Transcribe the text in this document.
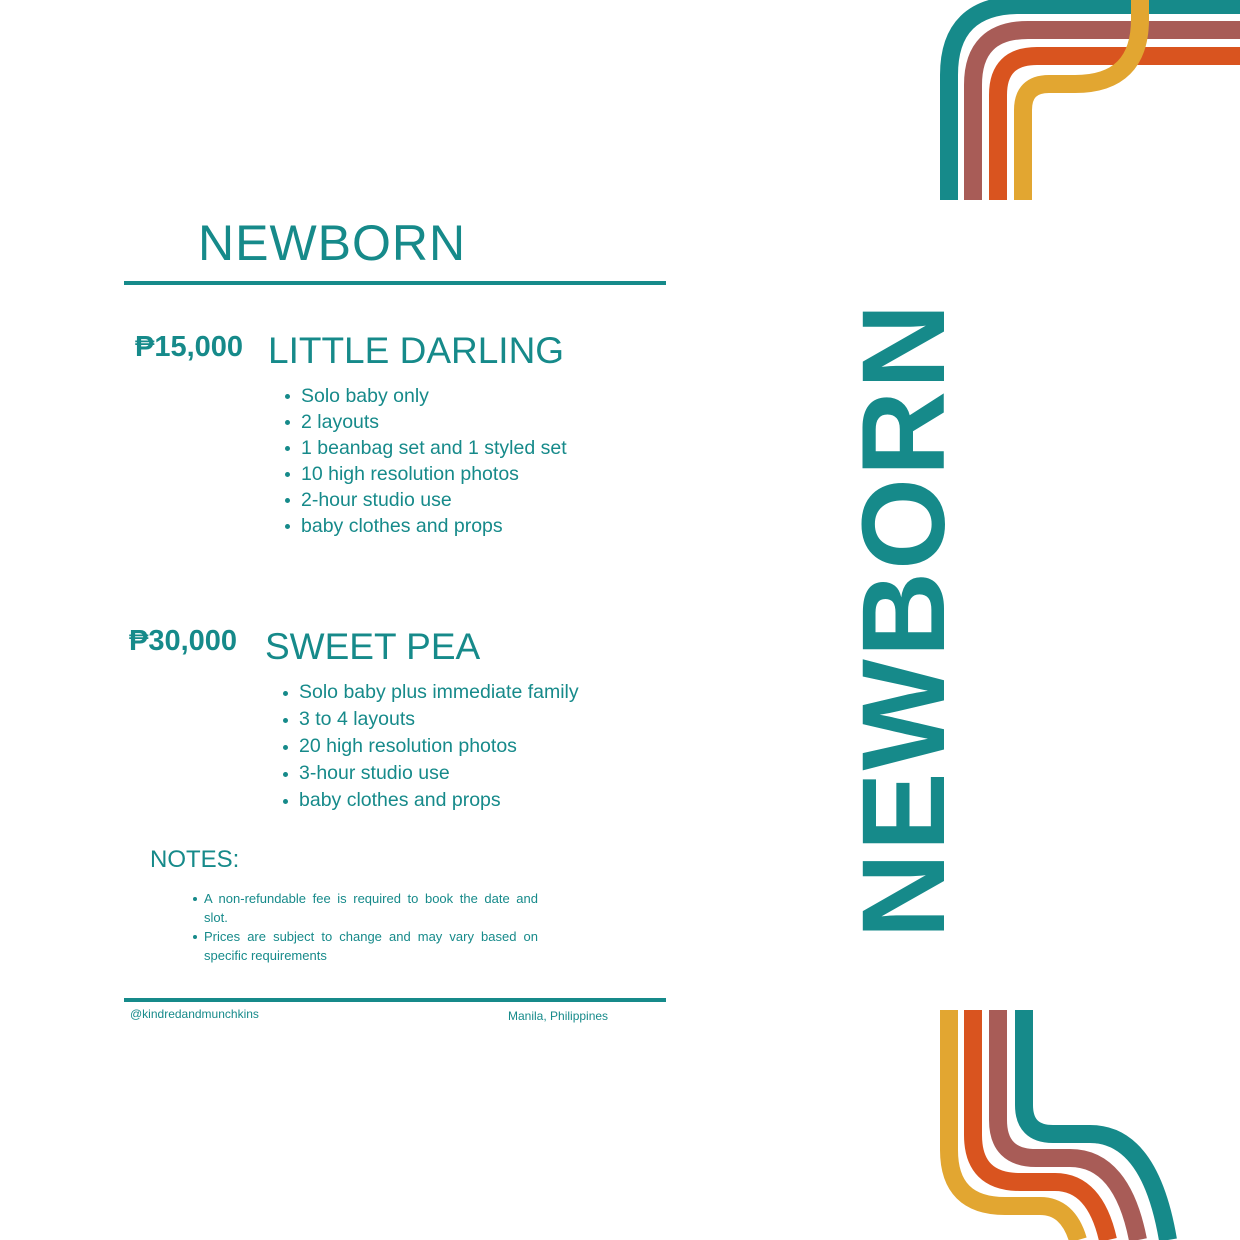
NEWBORN
₱15,000 LITTLE DARLING
Solo baby only
2 layouts
1 beanbag set and 1 styled set
10 high resolution photos
2-hour studio use
baby clothes and props
₱30,000 SWEET PEA
Solo baby plus immediate family
3 to 4 layouts
20 high resolution photos
3-hour studio use
baby clothes and props
NOTES:
A non-refundable fee is required to book the date and slot.
Prices are subject to change and may vary based on specific requirements
@kindredandmunchkins	Manila, Philippines
NEWBORN
